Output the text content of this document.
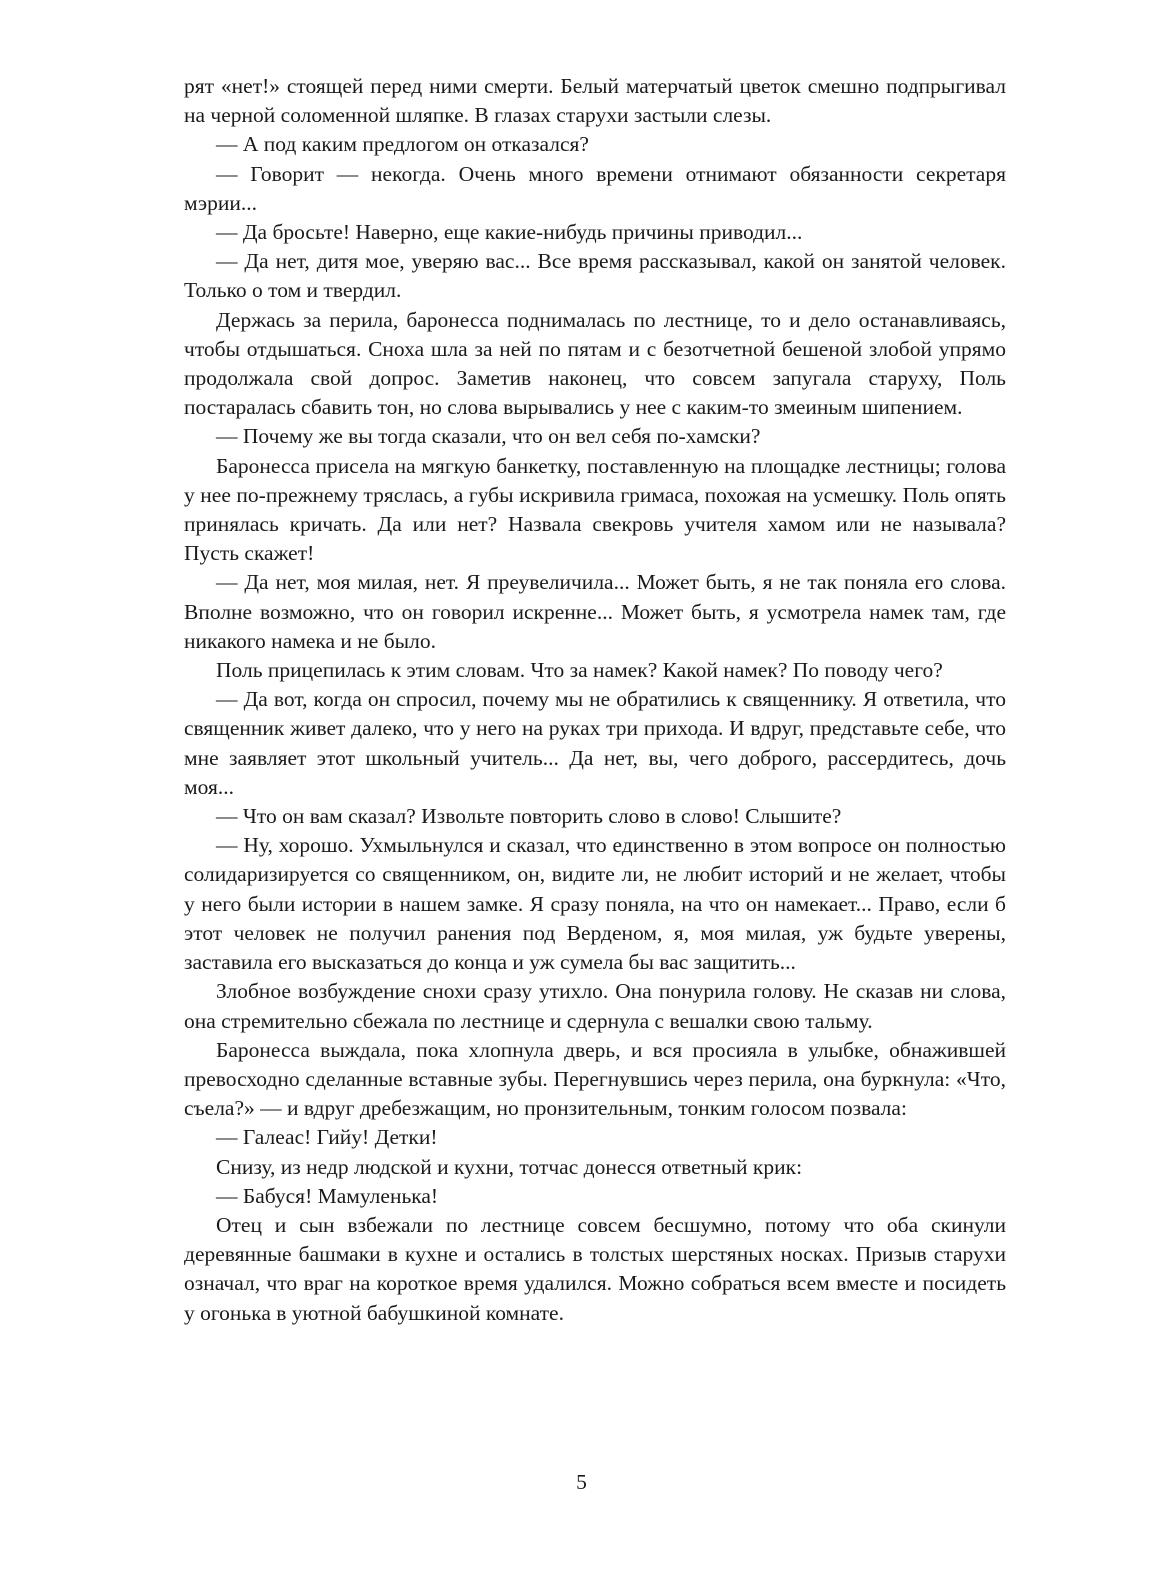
рят «нет!» стоящей перед ними смерти. Белый матерчатый цветок смешно подпрыгивал на черной соломенной шляпке. В глазах старухи застыли слезы.

— А под каким предлогом он отказался?

— Говорит — некогда. Очень много времени отнимают обязанности секретаря мэрии...

— Да бросьте! Наверно, еще какие-нибудь причины приводил...

— Да нет, дитя мое, уверяю вас... Все время рассказывал, какой он занятой человек. Только о том и твердил.

Держась за перила, баронесса поднималась по лестнице, то и дело останавливаясь, чтобы отдышаться. Сноха шла за ней по пятам и с безотчетной бешеной злобой упрямо продолжала свой допрос. Заметив наконец, что совсем запугала старуху, Поль постаралась сбавить тон, но слова вырывались у нее с каким-то змеиным шипением.

— Почему же вы тогда сказали, что он вел себя по-хамски?

Баронесса присела на мягкую банкетку, поставленную на площадке лестницы; голова у нее по-прежнему тряслась, а губы искривила гримаса, похожая на усмешку. Поль опять принялась кричать. Да или нет? Назвала свекровь учителя хамом или не называла? Пусть скажет!

— Да нет, моя милая, нет. Я преувеличила... Может быть, я не так поняла его слова. Вполне возможно, что он говорил искренне... Может быть, я усмотрела намек там, где никакого намека и не было.

Поль прицепилась к этим словам. Что за намек? Какой намек? По поводу чего?

— Да вот, когда он спросил, почему мы не обратились к священнику. Я ответила, что священник живет далеко, что у него на руках три прихода. И вдруг, представьте себе, что мне заявляет этот школьный учитель... Да нет, вы, чего доброго, рассердитесь, дочь моя...

— Что он вам сказал? Извольте повторить слово в слово! Слышите?

— Ну, хорошо. Ухмыльнулся и сказал, что единственно в этом вопросе он полностью солидаризируется со священником, он, видите ли, не любит историй и не желает, чтобы у него были истории в нашем замке. Я сразу поняла, на что он намекает... Право, если б этот человек не получил ранения под Верденом, я, моя милая, уж будьте уверены, заставила его высказаться до конца и уж сумела бы вас защитить...

Злобное возбуждение снохи сразу утихло. Она понурила голову. Не сказав ни слова, она стремительно сбежала по лестнице и сдернула с вешалки свою тальму.

Баронесса выждала, пока хлопнула дверь, и вся просияла в улыбке, обнажившей превосходно сделанные вставные зубы. Перегнувшись через перила, она буркнула: «Что, съела?» — и вдруг дребезжащим, но пронзительным, тонким голосом позвала:

— Галеас! Гийу! Детки!

Снизу, из недр людской и кухни, тотчас донесся ответный крик:

— Бабуся! Мамуленька!

Отец и сын взбежали по лестнице совсем бесшумно, потому что оба скинули деревянные башмаки в кухне и остались в толстых шерстяных носках. Призыв старухи означал, что враг на короткое время удалился. Можно собраться всем вместе и посидеть у огонька в уютной бабушкиной комнате.

5
